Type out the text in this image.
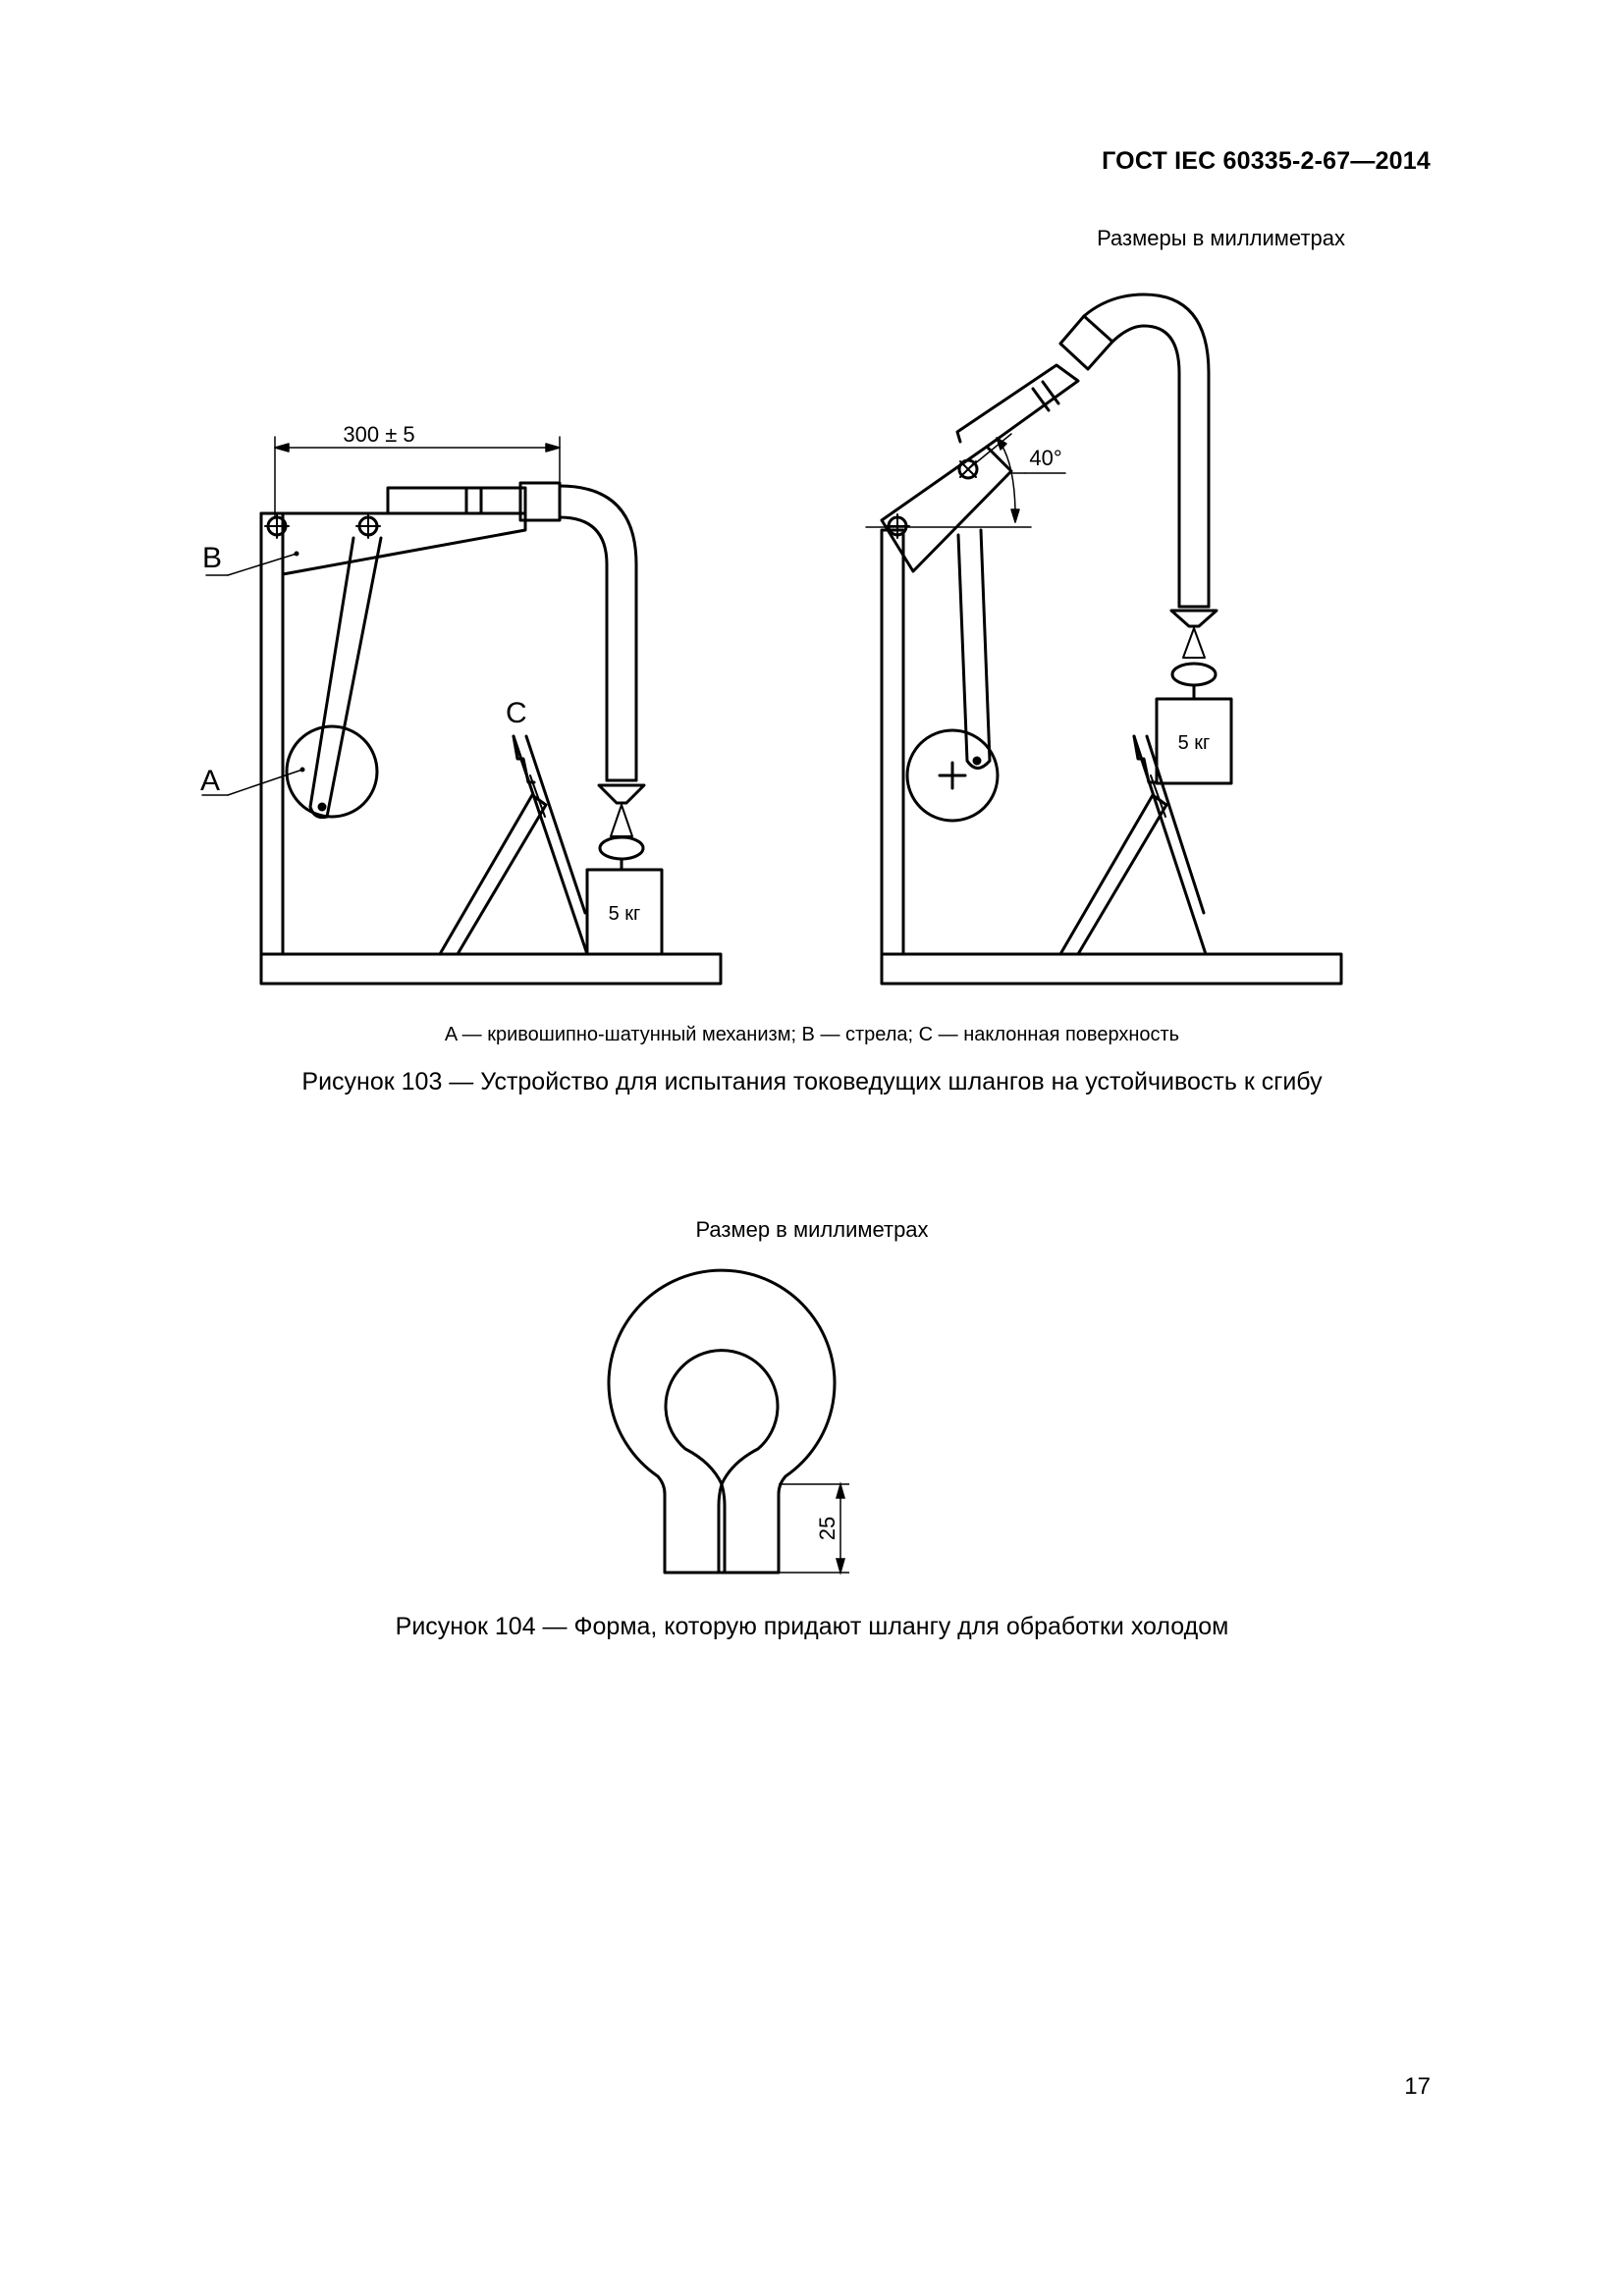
ГОСТ IEC 60335-2-67—2014
Размеры в миллиметрах
300 ± 5
40°
B
A
C
5 кг
5 кг
A — кривошипно-шатунный механизм; B — стрела; C — наклонная поверхность
Рисунок 103 — Устройство для испытания токоведущих шлангов на устойчивость к сгибу
Размер в миллиметрах
25
Рисунок 104 — Форма, которую придают шлангу для обработки холодом
17
